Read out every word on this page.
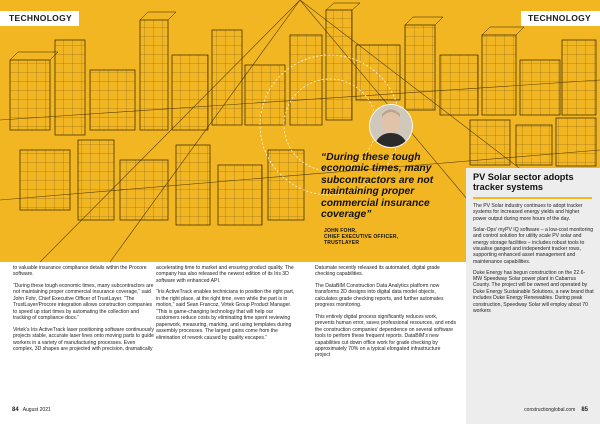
TECHNOLOGY	TECHNOLOGY
“During these tough economic times, many subcontractors are not maintaining proper commercial insurance coverage”
JOHN FOHR,
CHIEF EXECUTIVE OFFICER,
TRUSTLAYER

to valuable insurance compliance details within the Procore software.

“During these tough economic times, many subcontractors are not maintaining proper commercial insurance coverage,” said John Fohr, Chief Executive Officer of TrustLayer. “The TrustLayer/Procore integration allows construction companies to speed up start times by automating the collection and tracking of compliance docs.”

Virtek’s Iris ActiveTrack laser positioning software continuously projects stable, accurate laser lines onto moving parts to guide workers in a variety of manufacturing processes. Even complex, 3D shapes are projected with precision, dramatically

accelerating time to market and ensuring product quality. The company has also released the newest edition of its Iris 3D software with enhanced API.

“Iris ActiveTrack enables technicians to position the right part, in the right place, at the right time, even while the part is in motion,” said Sean Francoz, Virtek Group Product Manager. “This is game-changing technology that will help our customers reduce costs by eliminating time spent reviewing paperwork, measuring, marking, and using templates during assembly processes. The largest gains come from the elimination of rework caused by quality escapes.”

Datumate recently released its automated, digital grade checking capabilities.

The DataBIM Construction Data Analytics platform now transforms 2D designs into digital data model objects, calculates grade checking reports, and further automates progress monitoring.

This entirely digital process significantly reduces work, prevents human error, saves professional resources, and ends the construction companies’ dependence on several software tools to perform these frequent reports. DataBIM’s new capabilities cut down office work for grade checking by approximately 70% on a typical elongated infrastructure project

PV Solar sector adopts tracker systems

The PV Solar industry continues to adopt tracker systems for increased energy yields and higher power output during more hours of the day.

Solar-Ops’ myPV IQ software – a low-cost monitoring and control solution for utility scale PV solar and energy storage facilities – includes robust tools to visualise ganged and independent tracker rows, supporting enhanced asset management and maintenance capabilities.

Duke Energy has begun construction on the 22.6-MW Speedway Solar power plant in Cabarrus County. The project will be owned and operated by Duke Energy Sustainable Solutions, a new brand that includes Duke Energy Renewables. During peak construction, Speedway Solar will employ about 70 workers

84 August 2021	constructionglobal.com 85
